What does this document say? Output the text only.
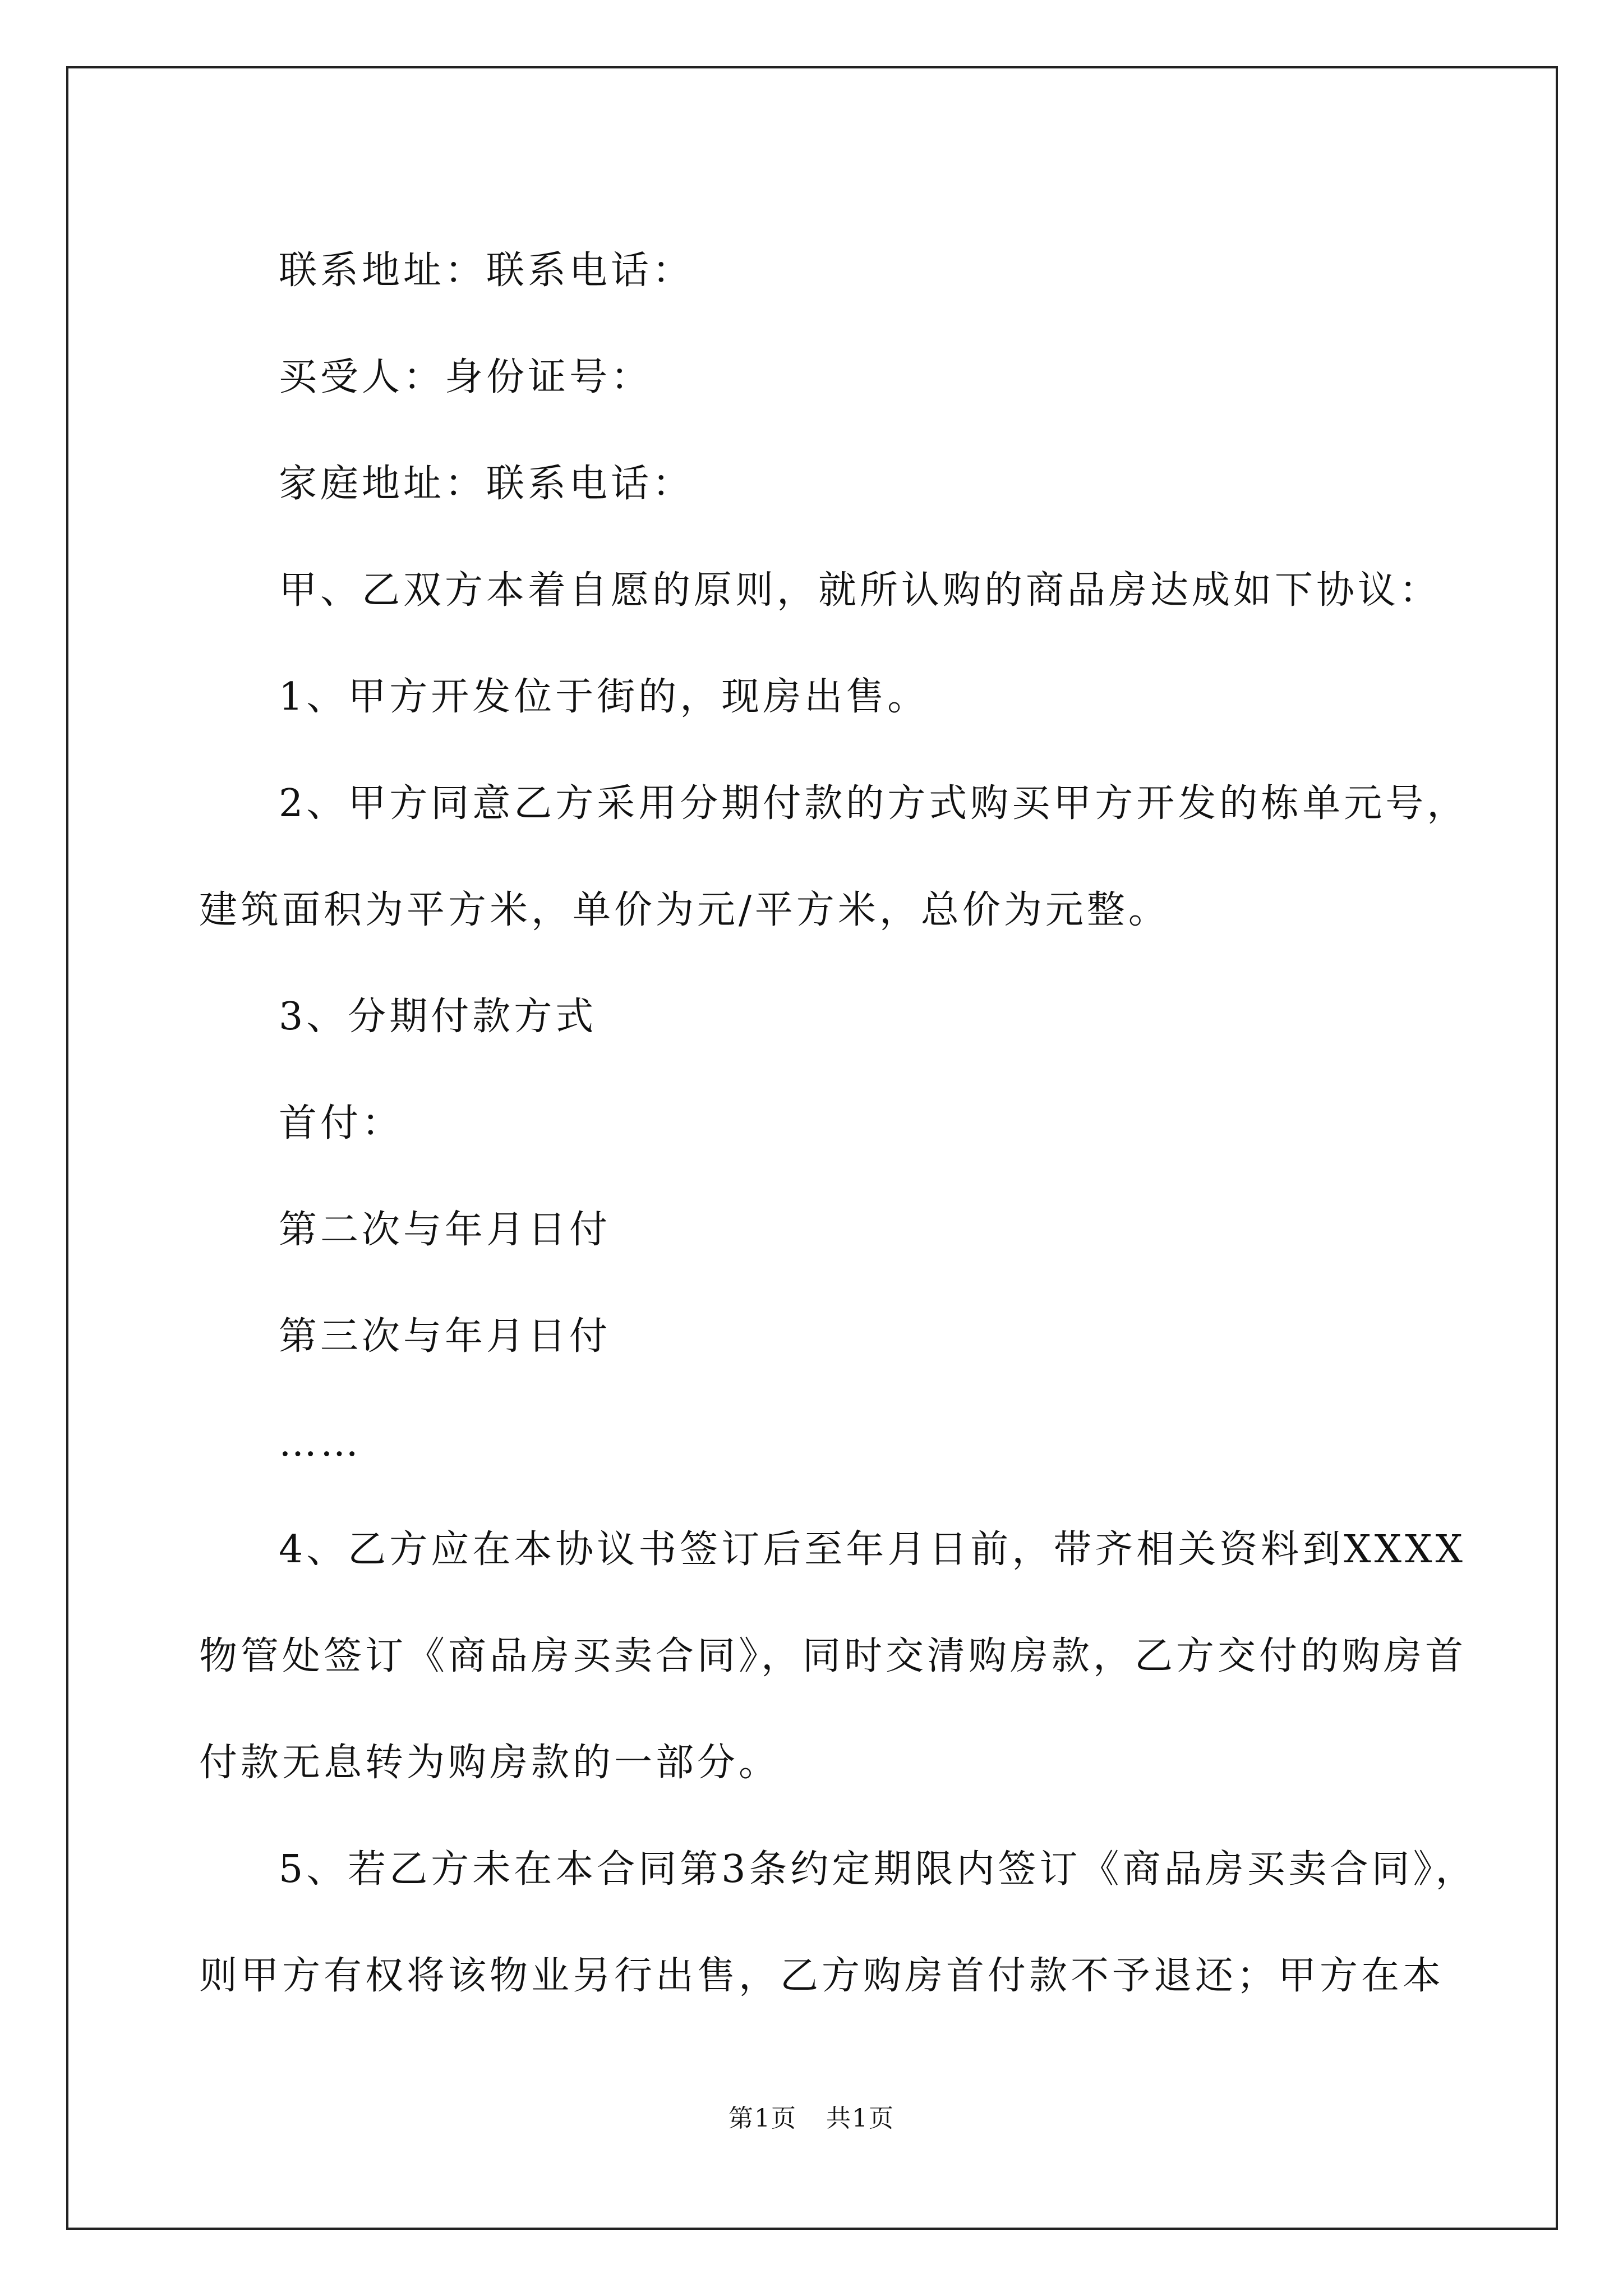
联系地址：联系电话：

买受人：身份证号：

家庭地址：联系电话：

甲、乙双方本着自愿的原则，就所认购的商品房达成如下协议：

1、甲方开发位于街的，现房出售。

2、甲方同意乙方采用分期付款的方式购买甲方开发的栋单元号，

建筑面积为平方米，单价为元/平方米，总价为元整。

3、分期付款方式

首付：

第二次与年月日付

第三次与年月日付

……

4、乙方应在本协议书签订后至年月日前，带齐相关资料到XXXX

物管处签订《商品房买卖合同》，同时交清购房款，乙方交付的购房首

付款无息转为购房款的一部分。

5、若乙方未在本合同第3条约定期限内签订《商品房买卖合同》，

则甲方有权将该物业另行出售，乙方购房首付款不予退还；甲方在本

第1页 共1页
